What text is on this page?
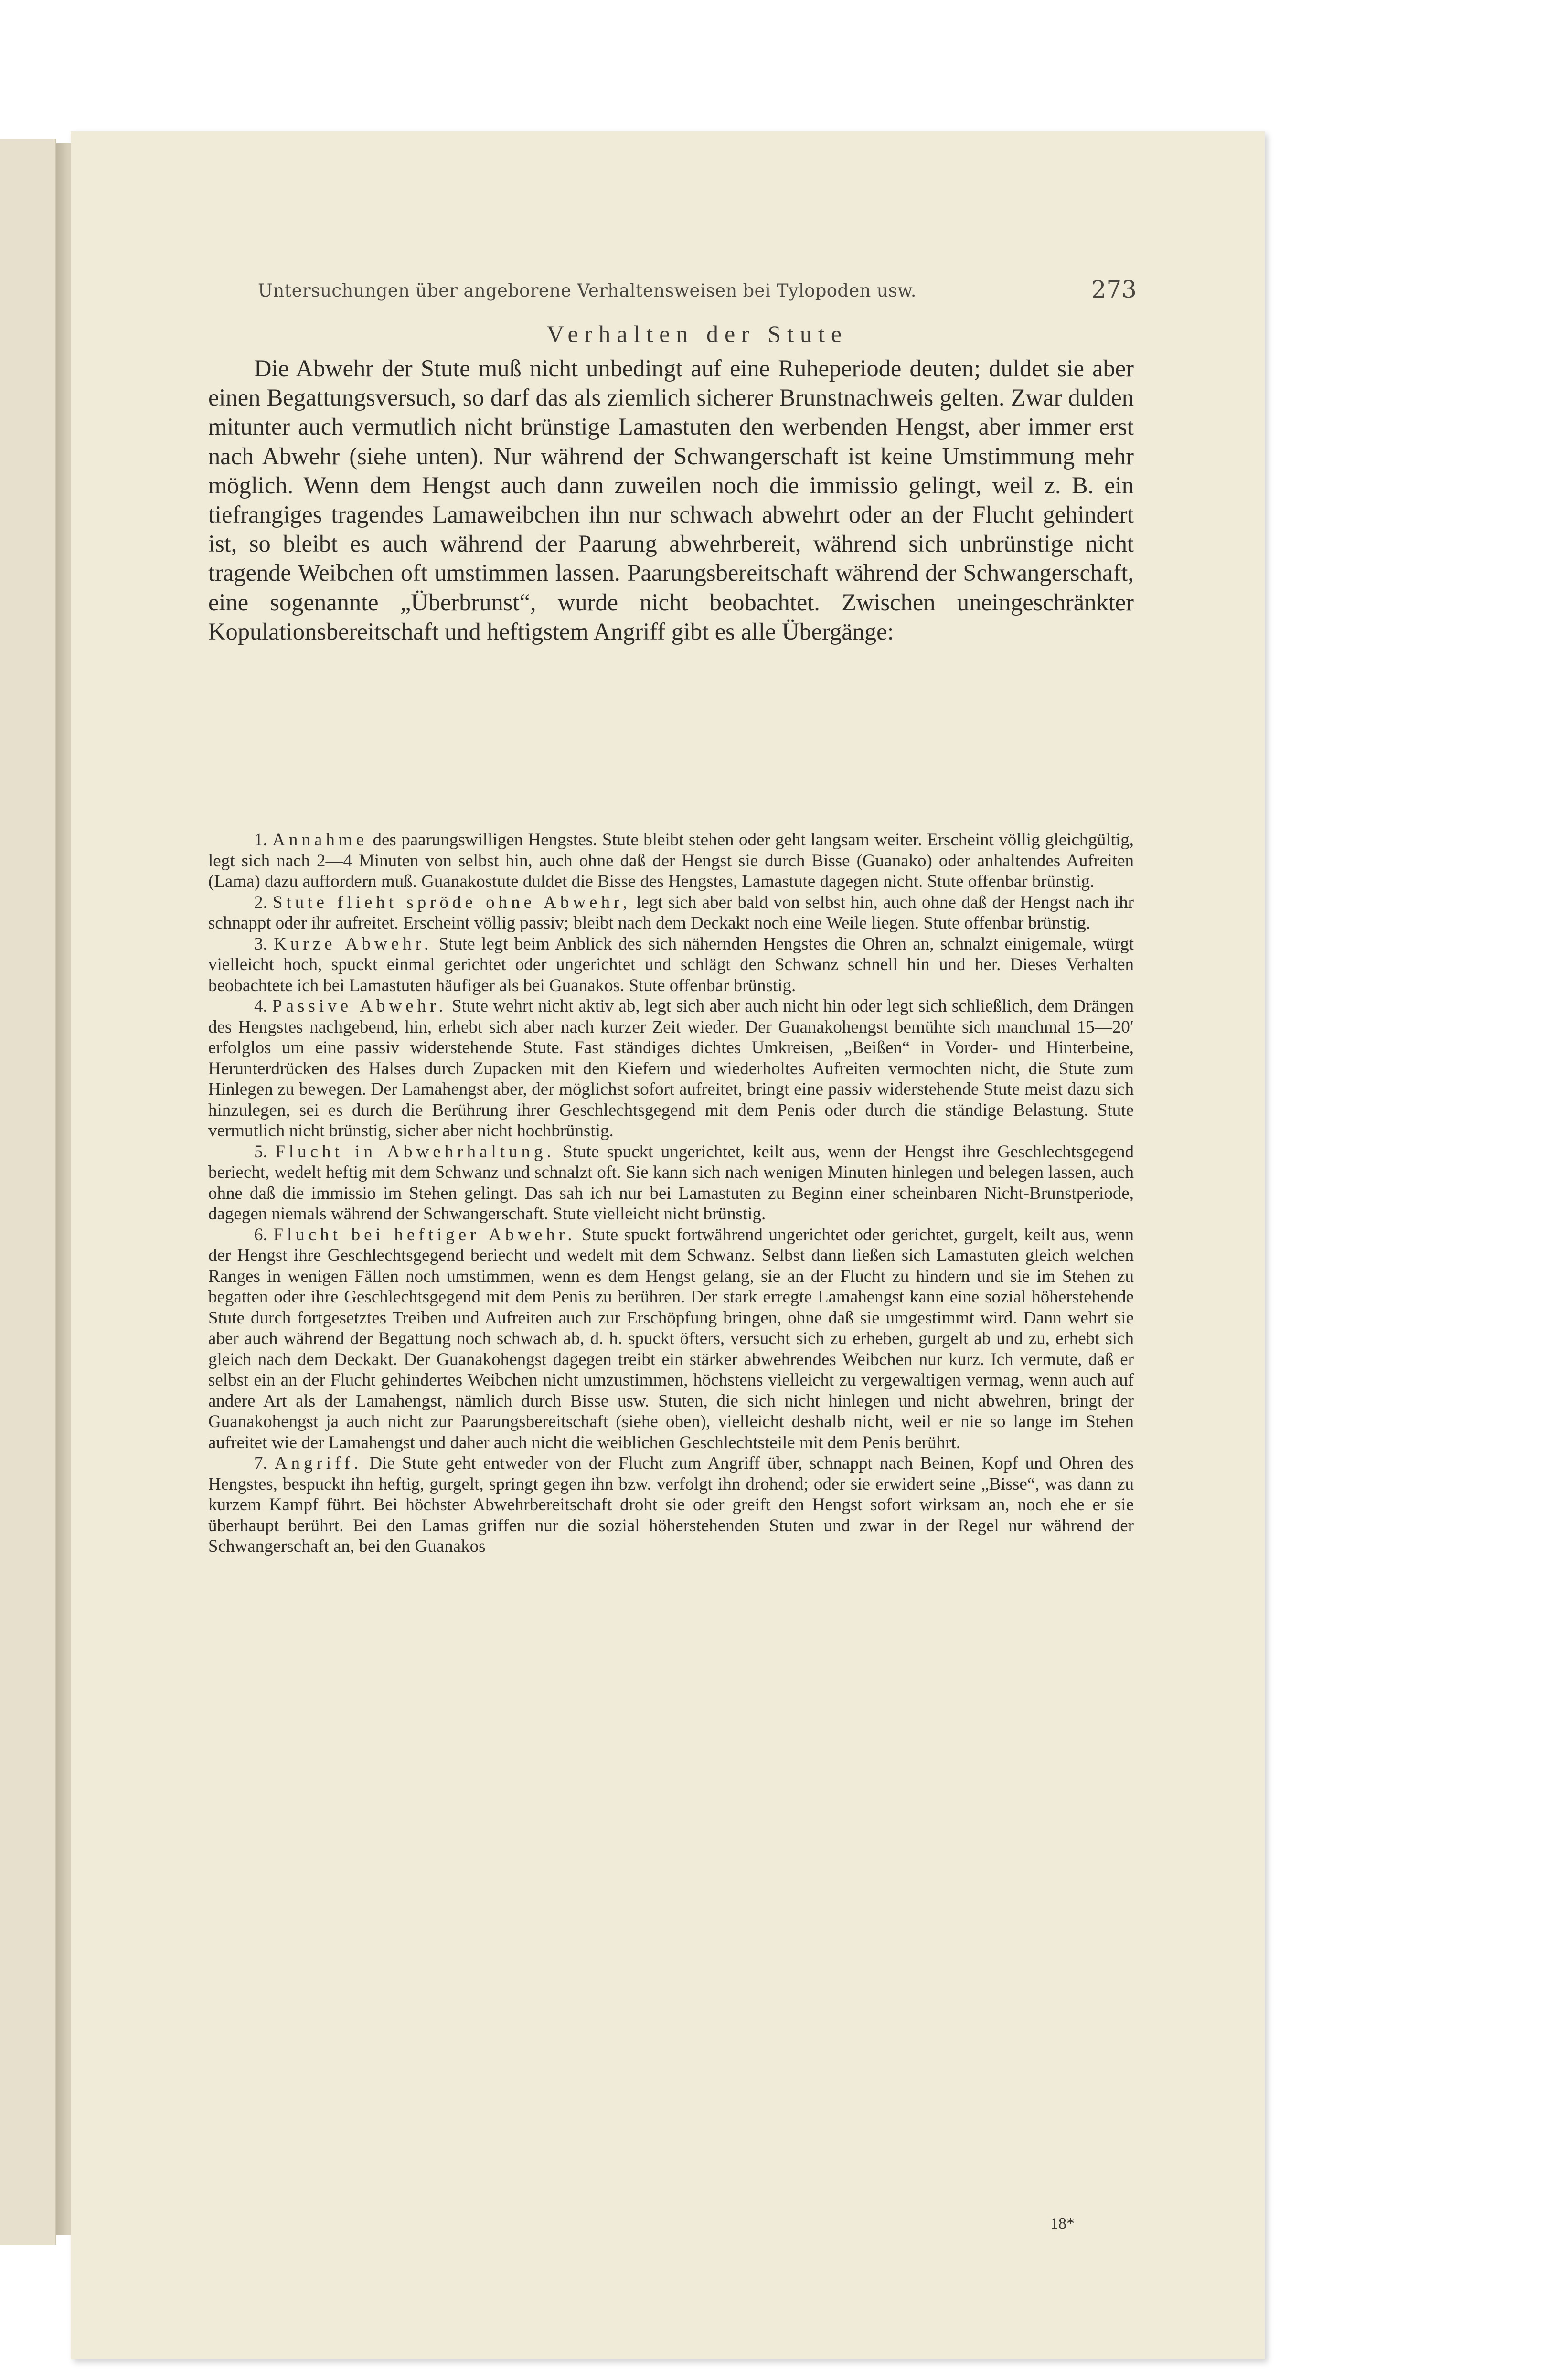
Untersuchungen über angeborene Verhaltensweisen bei Tylopoden usw.	273
Verhalten der Stute

Die Abwehr der Stute muß nicht unbedingt auf eine Ruheperiode deuten; duldet sie aber einen Begattungsversuch, so darf das als ziemlich sicherer Brunstnachweis gelten. Zwar dulden mitunter auch vermutlich nicht brünstige Lamastuten den werbenden Hengst, aber immer erst nach Abwehr (siehe unten). Nur während der Schwangerschaft ist keine Umstimmung mehr möglich. Wenn dem Hengst auch dann zuweilen noch die immissio gelingt, weil z. B. ein tiefrangiges tragendes Lamaweibchen ihn nur schwach abwehrt oder an der Flucht gehindert ist, so bleibt es auch während der Paarung abwehrbereit, während sich unbrünstige nicht tragende Weibchen oft umstimmen lassen. Paarungsbereitschaft während der Schwangerschaft, eine sogenannte „Überbrunst“, wurde nicht beobachtet. Zwischen uneingeschränkter Kopulationsbereitschaft und heftigstem Angriff gibt es alle Übergänge:

1. Annahme des paarungswilligen Hengstes. Stute bleibt stehen oder geht langsam weiter. Erscheint völlig gleichgültig, legt sich nach 2—4 Minuten von selbst hin, auch ohne daß der Hengst sie durch Bisse (Guanako) oder anhaltendes Aufreiten (Lama) dazu auffordern muß. Guanakostute duldet die Bisse des Hengstes, Lamastute dagegen nicht. Stute offenbar brünstig.

2. Stute flieht spröde ohne Abwehr, legt sich aber bald von selbst hin, auch ohne daß der Hengst nach ihr schnappt oder ihr aufreitet. Erscheint völlig passiv; bleibt nach dem Deckakt noch eine Weile liegen. Stute offenbar brünstig.

3. Kurze Abwehr. Stute legt beim Anblick des sich nähernden Hengstes die Ohren an, schnalzt einigemale, würgt vielleicht hoch, spuckt einmal gerichtet oder ungerichtet und schlägt den Schwanz schnell hin und her. Dieses Verhalten beobachtete ich bei Lamastuten häufiger als bei Guanakos. Stute offenbar brünstig.

4. Passive Abwehr. Stute wehrt nicht aktiv ab, legt sich aber auch nicht hin oder legt sich schließlich, dem Drängen des Hengstes nachgebend, hin, erhebt sich aber nach kurzer Zeit wieder. Der Guanakohengst bemühte sich manchmal 15—20′ erfolglos um eine passiv widerstehende Stute. Fast ständiges dichtes Umkreisen, „Beißen“ in Vorder- und Hinterbeine, Herunterdrücken des Halses durch Zupacken mit den Kiefern und wiederholtes Aufreiten vermochten nicht, die Stute zum Hinlegen zu bewegen. Der Lamahengst aber, der möglichst sofort aufreitet, bringt eine passiv widerstehende Stute meist dazu sich hinzulegen, sei es durch die Berührung ihrer Geschlechtsgegend mit dem Penis oder durch die ständige Belastung. Stute vermutlich nicht brünstig, sicher aber nicht hochbrünstig.

5. Flucht in Abwehrhaltung. Stute spuckt ungerichtet, keilt aus, wenn der Hengst ihre Geschlechtsgegend beriecht, wedelt heftig mit dem Schwanz und schnalzt oft. Sie kann sich nach wenigen Minuten hinlegen und belegen lassen, auch ohne daß die immissio im Stehen gelingt. Das sah ich nur bei Lamastuten zu Beginn einer scheinbaren Nicht-Brunstperiode, dagegen niemals während der Schwangerschaft. Stute vielleicht nicht brünstig.

6. Flucht bei heftiger Abwehr. Stute spuckt fortwährend ungerichtet oder gerichtet, gurgelt, keilt aus, wenn der Hengst ihre Geschlechtsgegend beriecht und wedelt mit dem Schwanz. Selbst dann ließen sich Lamastuten gleich welchen Ranges in wenigen Fällen noch umstimmen, wenn es dem Hengst gelang, sie an der Flucht zu hindern und sie im Stehen zu begatten oder ihre Geschlechtsgegend mit dem Penis zu berühren. Der stark erregte Lamahengst kann eine sozial höherstehende Stute durch fortgesetztes Treiben und Aufreiten auch zur Erschöpfung bringen, ohne daß sie umgestimmt wird. Dann wehrt sie aber auch während der Begattung noch schwach ab, d. h. spuckt öfters, versucht sich zu erheben, gurgelt ab und zu, erhebt sich gleich nach dem Deckakt. Der Guanakohengst dagegen treibt ein stärker abwehrendes Weibchen nur kurz. Ich vermute, daß er selbst ein an der Flucht gehindertes Weibchen nicht umzustimmen, höchstens vielleicht zu vergewaltigen vermag, wenn auch auf andere Art als der Lamahengst, nämlich durch Bisse usw. Stuten, die sich nicht hinlegen und nicht abwehren, bringt der Guanakohengst ja auch nicht zur Paarungsbereitschaft (siehe oben), vielleicht deshalb nicht, weil er nie so lange im Stehen aufreitet wie der Lamahengst und daher auch nicht die weiblichen Geschlechtsteile mit dem Penis berührt.

7. Angriff. Die Stute geht entweder von der Flucht zum Angriff über, schnappt nach Beinen, Kopf und Ohren des Hengstes, bespuckt ihn heftig, gurgelt, springt gegen ihn bzw. verfolgt ihn drohend; oder sie erwidert seine „Bisse“, was dann zu kurzem Kampf führt. Bei höchster Abwehrbereitschaft droht sie oder greift den Hengst sofort wirksam an, noch ehe er sie überhaupt berührt. Bei den Lamas griffen nur die sozial höherstehenden Stuten und zwar in der Regel nur während der Schwangerschaft an, bei den Guanakos

18*
